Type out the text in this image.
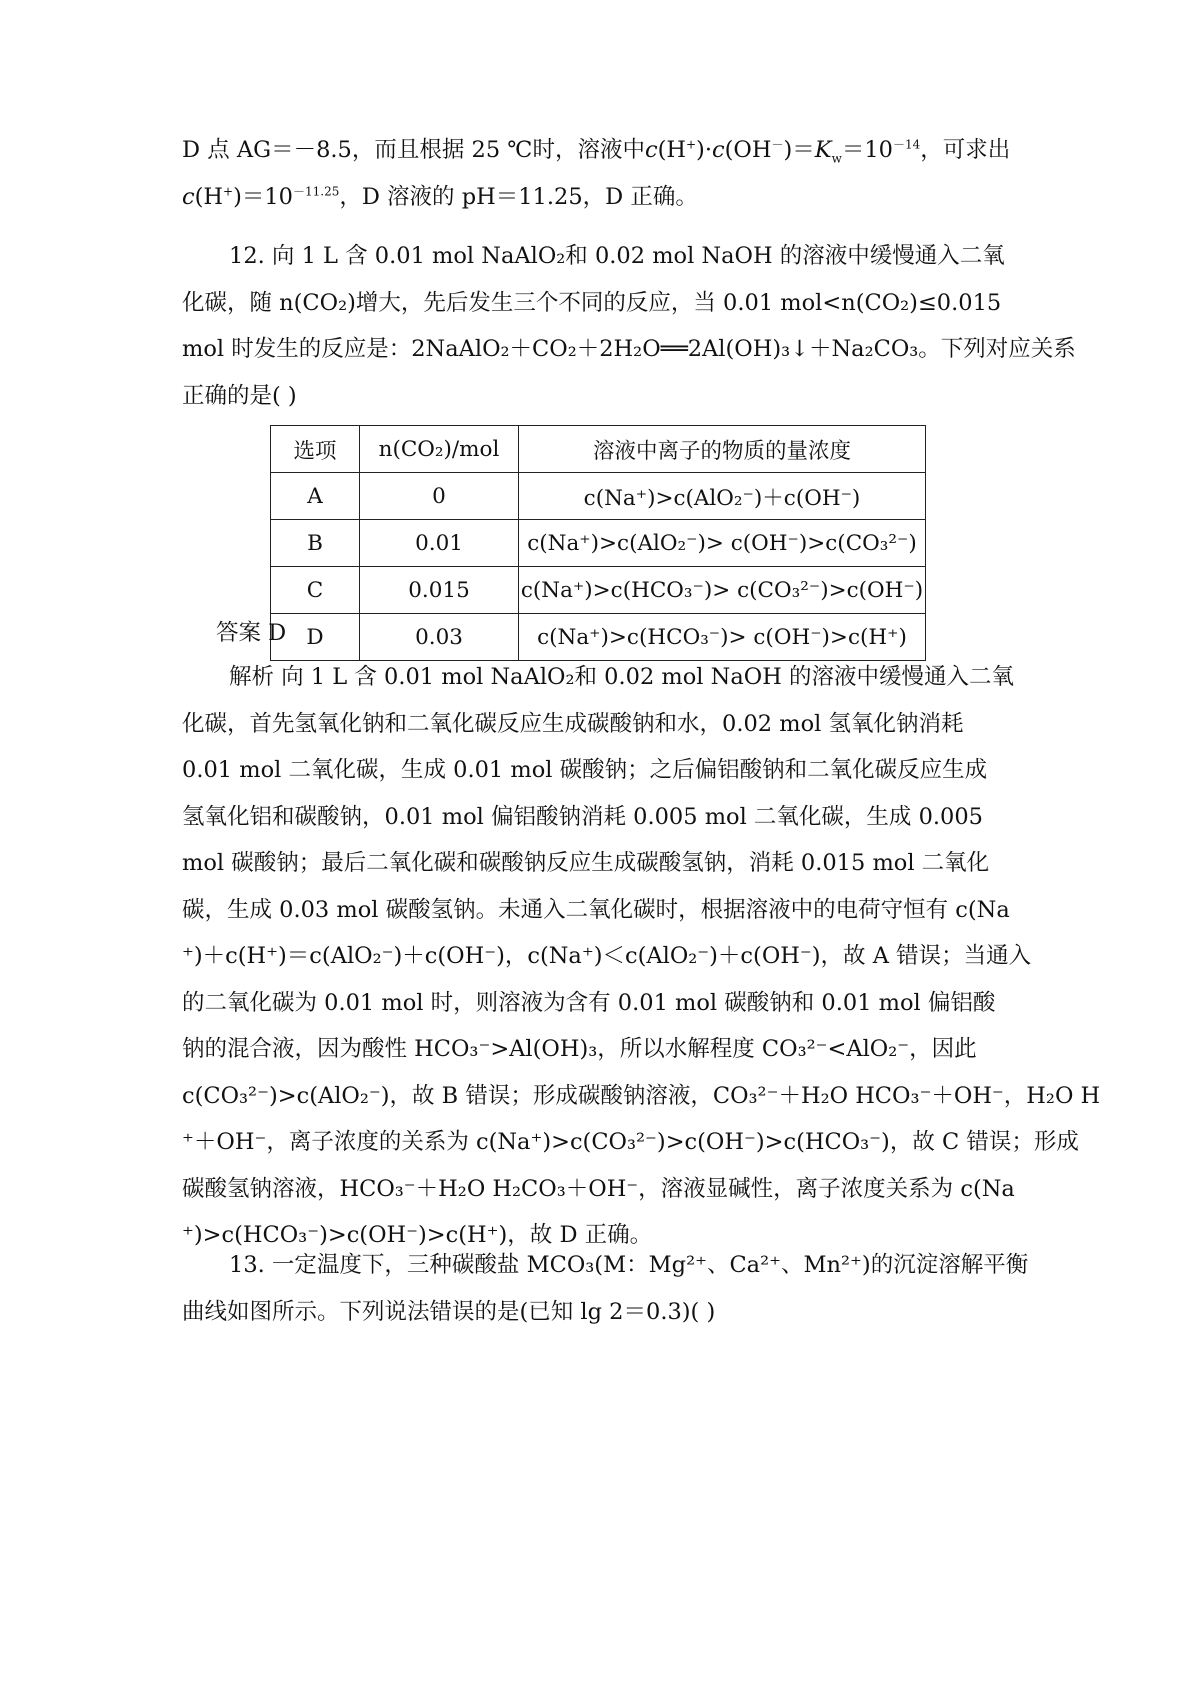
D 点 AG＝－8.5，而且根据 25 ℃时，溶液中$c(H^+)\cdot c(OH^-)=K_w=10^{-14}$，可求出
$c(H^+)=10^{-11.25}$，D 溶液的 pH＝11.25，D 正确。
12. 向 1 L 含 0.01 mol NaAlO₂和 0.02 mol NaOH 的溶液中缓慢通入二氧
化碳，随 n(CO₂)增大，先后发生三个不同的反应，当 0.01 mol<n(CO₂)≤0.015
mol 时发生的反应是：2NaAlO₂＋CO₂＋2H₂O══2Al(OH)₃↓＋Na₂CO₃。下列对应关系
正确的是( )
选项	n(CO₂)/mol	溶液中离子的物质的量浓度
A	0	c(Na⁺)>c(AlO₂⁻)＋c(OH⁻)
B	0.01	c(Na⁺)>c(AlO₂⁻)> c(OH⁻)>c(CO₃²⁻)
C	0.015	c(Na⁺)>c(HCO₃⁻)> c(CO₃²⁻)>c(OH⁻)
D	0.03	c(Na⁺)>c(HCO₃⁻)> c(OH⁻)>c(H⁺)
答案 D
解析 向 1 L 含 0.01 mol NaAlO₂和 0.02 mol NaOH 的溶液中缓慢通入二氧
化碳，首先氢氧化钠和二氧化碳反应生成碳酸钠和水，0.02 mol 氢氧化钠消耗
0.01 mol 二氧化碳，生成 0.01 mol 碳酸钠；之后偏铝酸钠和二氧化碳反应生成
氢氧化铝和碳酸钠，0.01 mol 偏铝酸钠消耗 0.005 mol 二氧化碳，生成 0.005
mol 碳酸钠；最后二氧化碳和碳酸钠反应生成碳酸氢钠，消耗 0.015 mol 二氧化
碳，生成 0.03 mol 碳酸氢钠。未通入二氧化碳时，根据溶液中的电荷守恒有 c(Na
⁺)＋c(H⁺)＝c(AlO₂⁻)＋c(OH⁻)，c(Na⁺)＜c(AlO₂⁻)＋c(OH⁻)，故 A 错误；当通入
的二氧化碳为 0.01 mol 时，则溶液为含有 0.01 mol 碳酸钠和 0.01 mol 偏铝酸
钠的混合液，因为酸性 HCO₃⁻>Al(OH)₃，所以水解程度 CO₃²⁻<AlO₂⁻，因此
c(CO₃²⁻)>c(AlO₂⁻)，故 B 错误；形成碳酸钠溶液，CO₃²⁻＋H₂O HCO₃⁻＋OH⁻，H₂O H
⁺＋OH⁻，离子浓度的关系为 c(Na⁺)>c(CO₃²⁻)>c(OH⁻)>c(HCO₃⁻)，故 C 错误；形成
碳酸氢钠溶液，HCO₃⁻＋H₂O H₂CO₃＋OH⁻，溶液显碱性，离子浓度关系为 c(Na
⁺)>c(HCO₃⁻)>c(OH⁻)>c(H⁺)，故 D 正确。
13. 一定温度下，三种碳酸盐 MCO₃(M：Mg²⁺、Ca²⁺、Mn²⁺)的沉淀溶解平衡
曲线如图所示。下列说法错误的是(已知 lg 2＝0.3)( )
